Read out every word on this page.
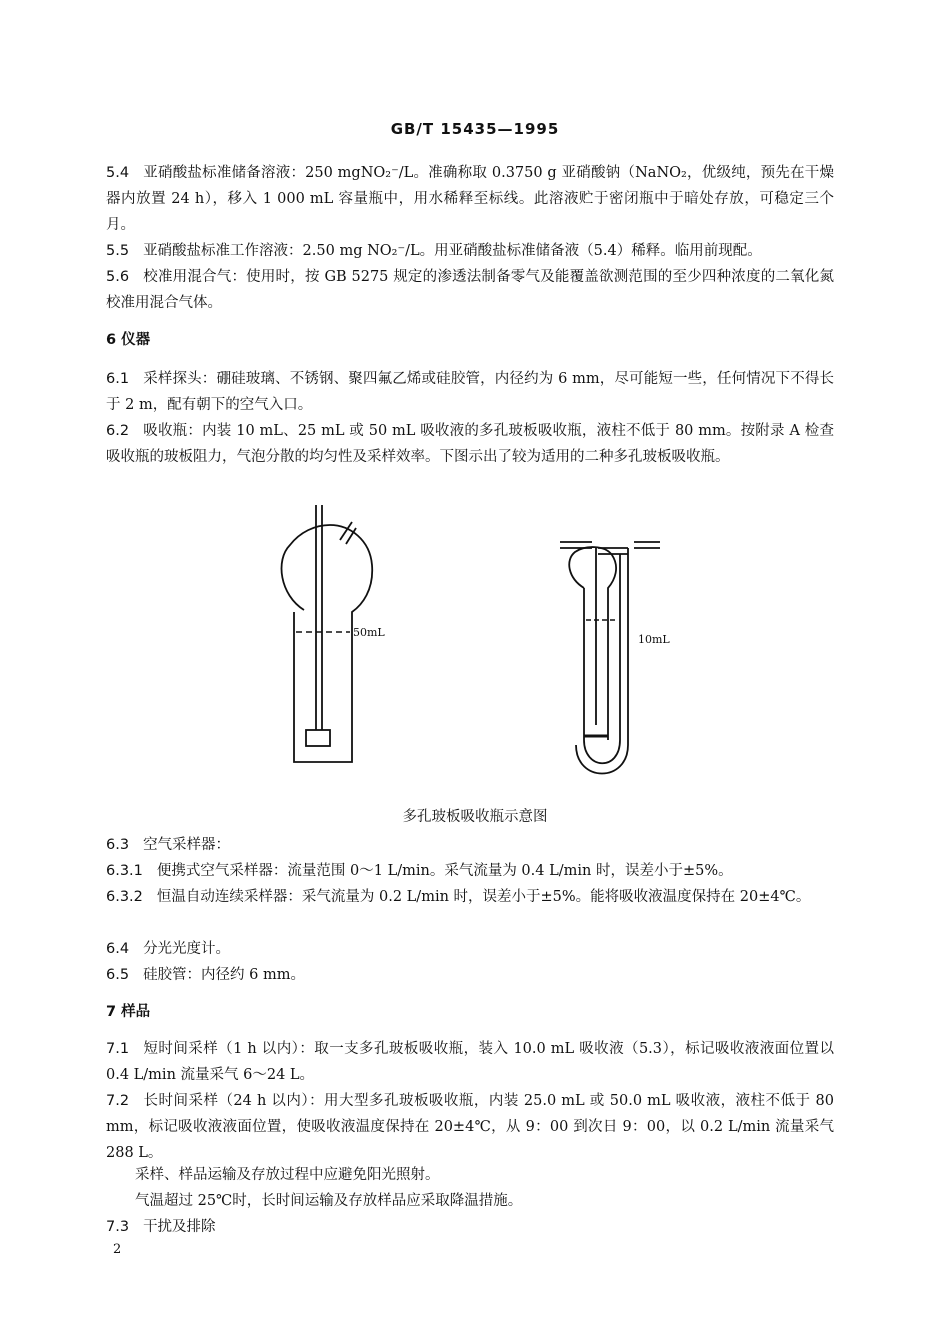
GB/T 15435—1995
5.4 亚硝酸盐标准储备溶液：250 mgNO₂⁻/L。准确称取 0.3750 g 亚硝酸钠（NaNO₂，优级纯，预先在干燥器内放置 24 h），移入 1 000 mL 容量瓶中，用水稀释至标线。此溶液贮于密闭瓶中于暗处存放，可稳定三个月。
5.5 亚硝酸盐标准工作溶液：2.50 mg NO₂⁻/L。用亚硝酸盐标准储备液（5.4）稀释。临用前现配。
5.6 校准用混合气：使用时，按 GB 5275 规定的渗透法制备零气及能覆盖欲测范围的至少四种浓度的二氧化氮校准用混合气体。
6 仪器
6.1 采样探头：硼硅玻璃、不锈钢、聚四氟乙烯或硅胶管，内径约为 6 mm，尽可能短一些，任何情况下不得长于 2 m，配有朝下的空气入口。
6.2 吸收瓶：内装 10 mL、25 mL 或 50 mL 吸收液的多孔玻板吸收瓶，液柱不低于 80 mm。按附录 A 检查吸收瓶的玻板阻力，气泡分散的均匀性及采样效率。下图示出了较为适用的二种多孔玻板吸收瓶。
50mL
10mL
多孔玻板吸收瓶示意图
6.3 空气采样器：
6.3.1 便携式空气采样器：流量范围 0～1 L/min。采气流量为 0.4 L/min 时，误差小于±5%。
6.3.2 恒温自动连续采样器：采气流量为 0.2 L/min 时，误差小于±5%。能将吸收液温度保持在 20±4℃。
6.4 分光光度计。
6.5 硅胶管：内径约 6 mm。
7 样品
7.1 短时间采样（1 h 以内）：取一支多孔玻板吸收瓶，装入 10.0 mL 吸收液（5.3），标记吸收液液面位置以 0.4 L/min 流量采气 6～24 L。
7.2 长时间采样（24 h 以内）：用大型多孔玻板吸收瓶，内装 25.0 mL 或 50.0 mL 吸收液，液柱不低于 80 mm，标记吸收液液面位置，使吸收液温度保持在 20±4℃，从 9：00 到次日 9：00，以 0.2 L/min 流量采气 288 L。
采样、样品运输及存放过程中应避免阳光照射。
气温超过 25℃时，长时间运输及存放样品应采取降温措施。
7.3 干扰及排除
2
